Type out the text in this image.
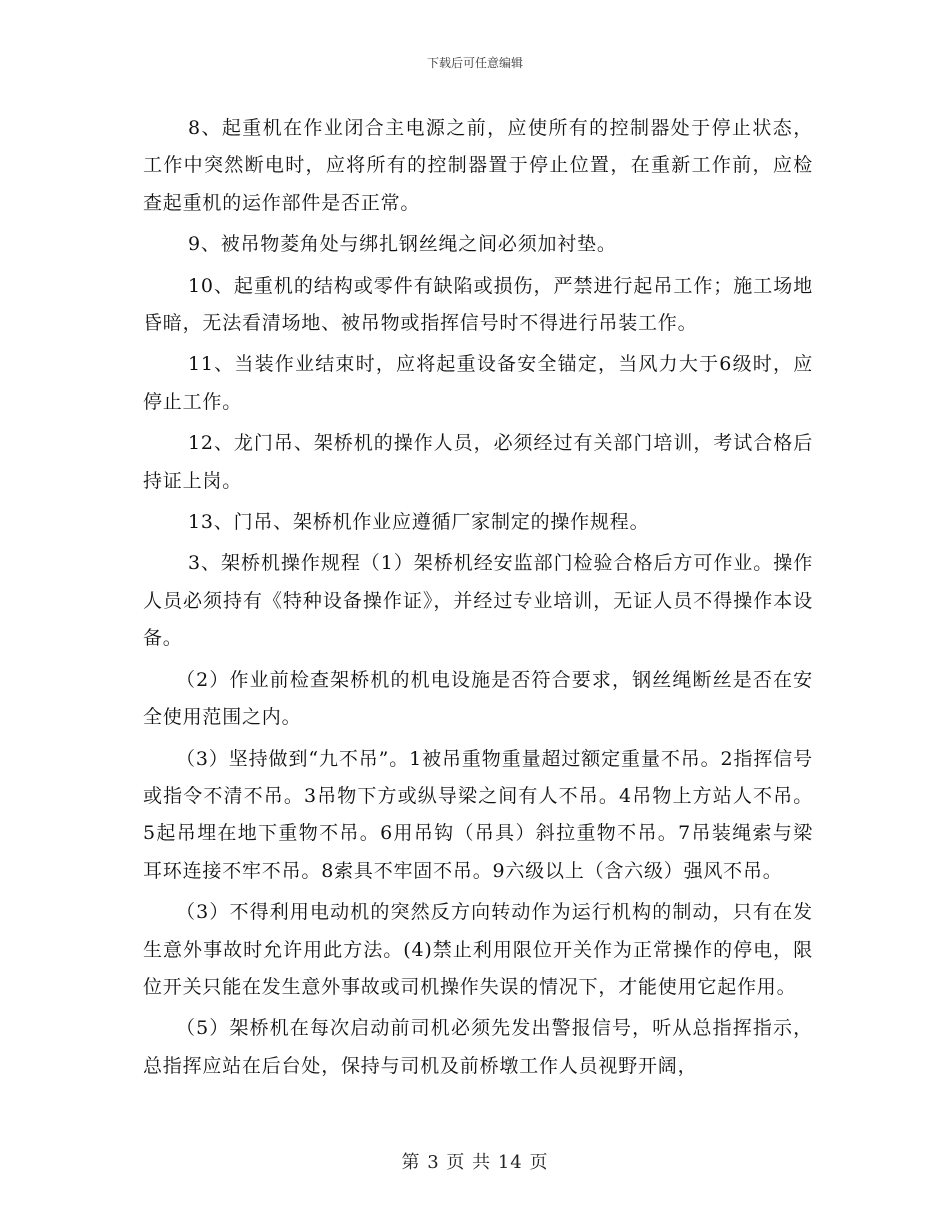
下载后可任意编辑

8、起重机在作业闭合主电源之前，应使所有的控制器处于停止状态，工作中突然断电时，应将所有的控制器置于停止位置，在重新工作前，应检查起重机的运作部件是否正常。

9、被吊物菱角处与绑扎钢丝绳之间必须加衬垫。

10、起重机的结构或零件有缺陷或损伤，严禁进行起吊工作；施工场地昏暗，无法看清场地、被吊物或指挥信号时不得进行吊装工作。

11、当装作业结束时，应将起重设备安全锚定，当风力大于6级时，应停止工作。

12、龙门吊、架桥机的操作人员，必须经过有关部门培训，考试合格后持证上岗。

13、门吊、架桥机作业应遵循厂家制定的操作规程。

3、架桥机操作规程（1）架桥机经安监部门检验合格后方可作业。操作人员必须持有《特种设备操作证》，并经过专业培训，无证人员不得操作本设备。

（2）作业前检查架桥机的机电设施是否符合要求，钢丝绳断丝是否在安全使用范围之内。

（3）坚持做到“九不吊”。1被吊重物重量超过额定重量不吊。2指挥信号或指令不清不吊。3吊物下方或纵导梁之间有人不吊。4吊物上方站人不吊。5起吊埋在地下重物不吊。6用吊钩（吊具）斜拉重物不吊。7吊装绳索与梁耳环连接不牢不吊。8索具不牢固不吊。9六级以上（含六级）强风不吊。

（3）不得利用电动机的突然反方向转动作为运行机构的制动，只有在发生意外事故时允许用此方法。(4)禁止利用限位开关作为正常操作的停电，限位开关只能在发生意外事故或司机操作失误的情况下，才能使用它起作用。

（5）架桥机在每次启动前司机必须先发出警报信号，听从总指挥指示，总指挥应站在后台处，保持与司机及前桥墩工作人员视野开阔，

第 3 页 共 14 页
